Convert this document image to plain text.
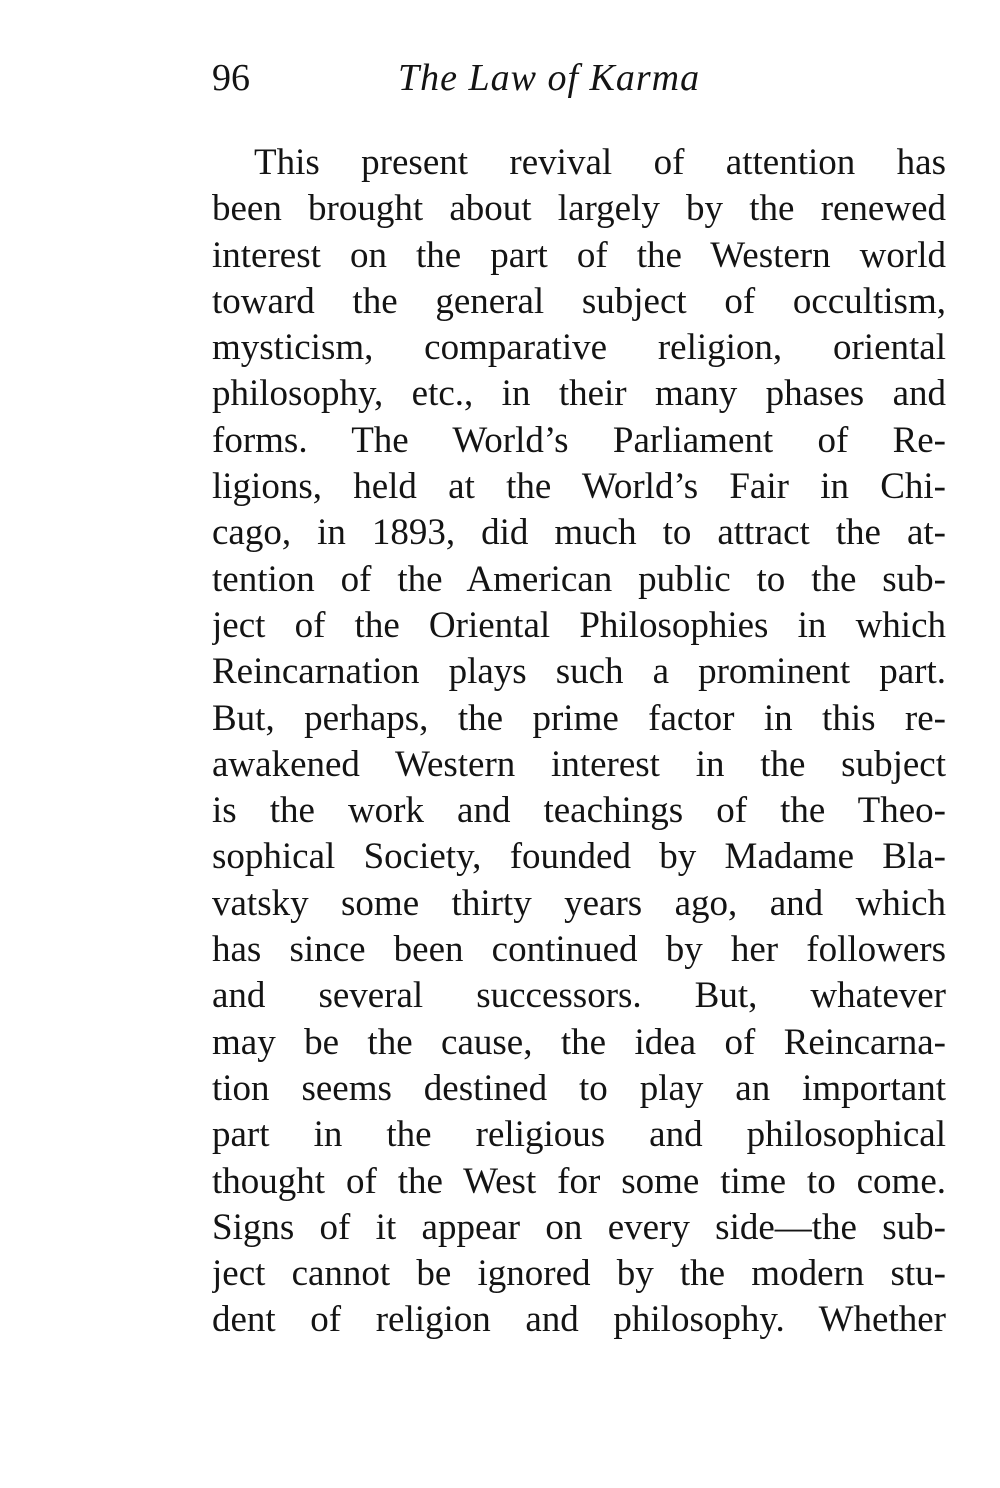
96	The Law of Karma
This present revival of attention has
been brought about largely by the renewed
interest on the part of the Western world
toward the general subject of occultism,
mysticism, comparative religion, oriental
philosophy, etc., in their many phases and
forms. The World’s Parliament of Re-
ligions, held at the World’s Fair in Chi-
cago, in 1893, did much to attract the at-
tention of the American public to the sub-
ject of the Oriental Philosophies in which
Reincarnation plays such a prominent part.
But, perhaps, the prime factor in this re-
awakened Western interest in the subject
is the work and teachings of the Theo-
sophical Society, founded by Madame Bla-
vatsky some thirty years ago, and which
has since been continued by her followers
and several successors. But, whatever
may be the cause, the idea of Reincarna-
tion seems destined to play an important
part in the religious and philosophical
thought of the West for some time to come.
Signs of it appear on every side—the sub-
ject cannot be ignored by the modern stu-
dent of religion and philosophy. Whether
